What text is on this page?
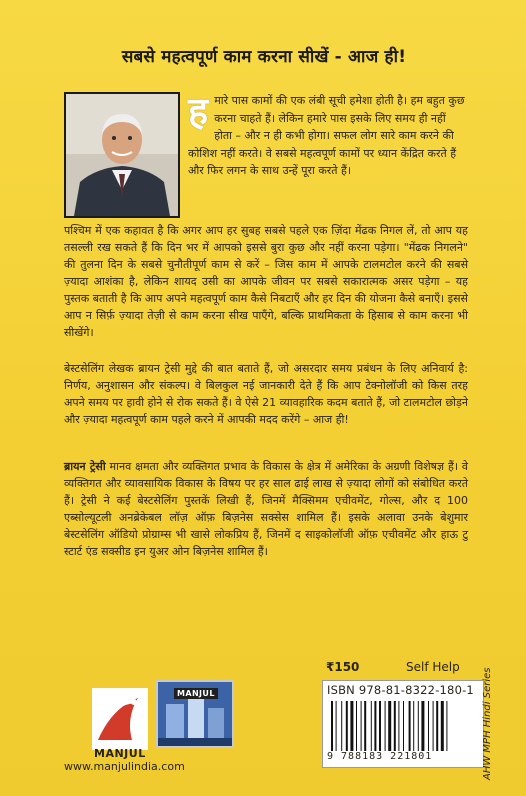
सबसे महत्वपूर्ण काम करना सीखें - आज ही!
हमारे पास कामों की एक लंबी सूची हमेशा होती है। हम बहुत कुछ करना चाहते हैं। लेकिन हमारे पास इसके लिए समय ही नहीं होता – और न ही कभी होगा। सफल लोग सारे काम करने की कोशिश नहीं करते। वे सबसे महत्वपूर्ण कामों पर ध्यान केंद्रित करते हैं और फिर लगन के साथ उन्हें पूरा करते हैं।
पश्चिम में एक कहावत है कि अगर आप हर सुबह सबसे पहले एक ज़िंदा मेंढक निगल लें, तो आप यह तसल्ली रख सकते हैं कि दिन भर में आपको इससे बुरा कुछ और नहीं करना पड़ेगा। "मेंढक निगलने" की तुलना दिन के सबसे चुनौतीपूर्ण काम से करें – जिस काम में आपके टालमटोल करने की सबसे ज़्यादा आशंका है, लेकिन शायद उसी का आपके जीवन पर सबसे सकारात्मक असर पड़ेगा – यह पुस्तक बताती है कि आप अपने महत्वपूर्ण काम कैसे निबटाएँ और हर दिन की योजना कैसे बनाएँ। इससे आप न सिर्फ़ ज़्यादा तेज़ी से काम करना सीख पाएँगे, बल्कि प्राथमिकता के हिसाब से काम करना भी सीखेंगे।
बेस्टसेलिंग लेखक ब्रायन ट्रेसी मुद्दे की बात बताते हैं, जो असरदार समय प्रबंधन के लिए अनिवार्य है: निर्णय, अनुशासन और संकल्प। वे बिलकुल नई जानकारी देते हैं कि आप टेक्नोलॉजी को किस तरह अपने समय पर हावी होने से रोक सकते हैं। वे ऐसे 21 व्यावहारिक कदम बताते हैं, जो टालमटोल छोड़ने और ज़्यादा महत्वपूर्ण काम पहले करने में आपकी मदद करेंगे – आज ही!
ब्रायन ट्रेसी मानव क्षमता और व्यक्तिगत प्रभाव के विकास के क्षेत्र में अमेरिका के अग्रणी विशेषज्ञ हैं। वे व्यक्तिगत और व्यावसायिक विकास के विषय पर हर साल ढाई लाख से ज़्यादा लोगों को संबोधित करते हैं। ट्रेसी ने कई बेस्टसेलिंग पुस्तकें लिखी हैं, जिनमें मैक्सिमम एचीवमेंट, गोल्स, और द 100 एब्सोल्यूटली अनब्रेकेबल लॉज़ ऑफ़ बिज़नेस सक्सेस शामिल हैं। इसके अलावा उनके बेशुमार बेस्टसेलिंग ऑडियो प्रोग्राम्स भी खासे लोकप्रिय हैं, जिनमें द साइकोलॉजी ऑफ़ एचीवमेंट और हाऊ टु स्टार्ट एंड सक्सीड इन युअर ओन बिज़नेस शामिल हैं।
MANJUL
MANJUL
www.manjulindia.com
₹150	Self Help
ISBN 978-81-8322-180-1
9 788183 221801	AHW MPH Hindi Series
